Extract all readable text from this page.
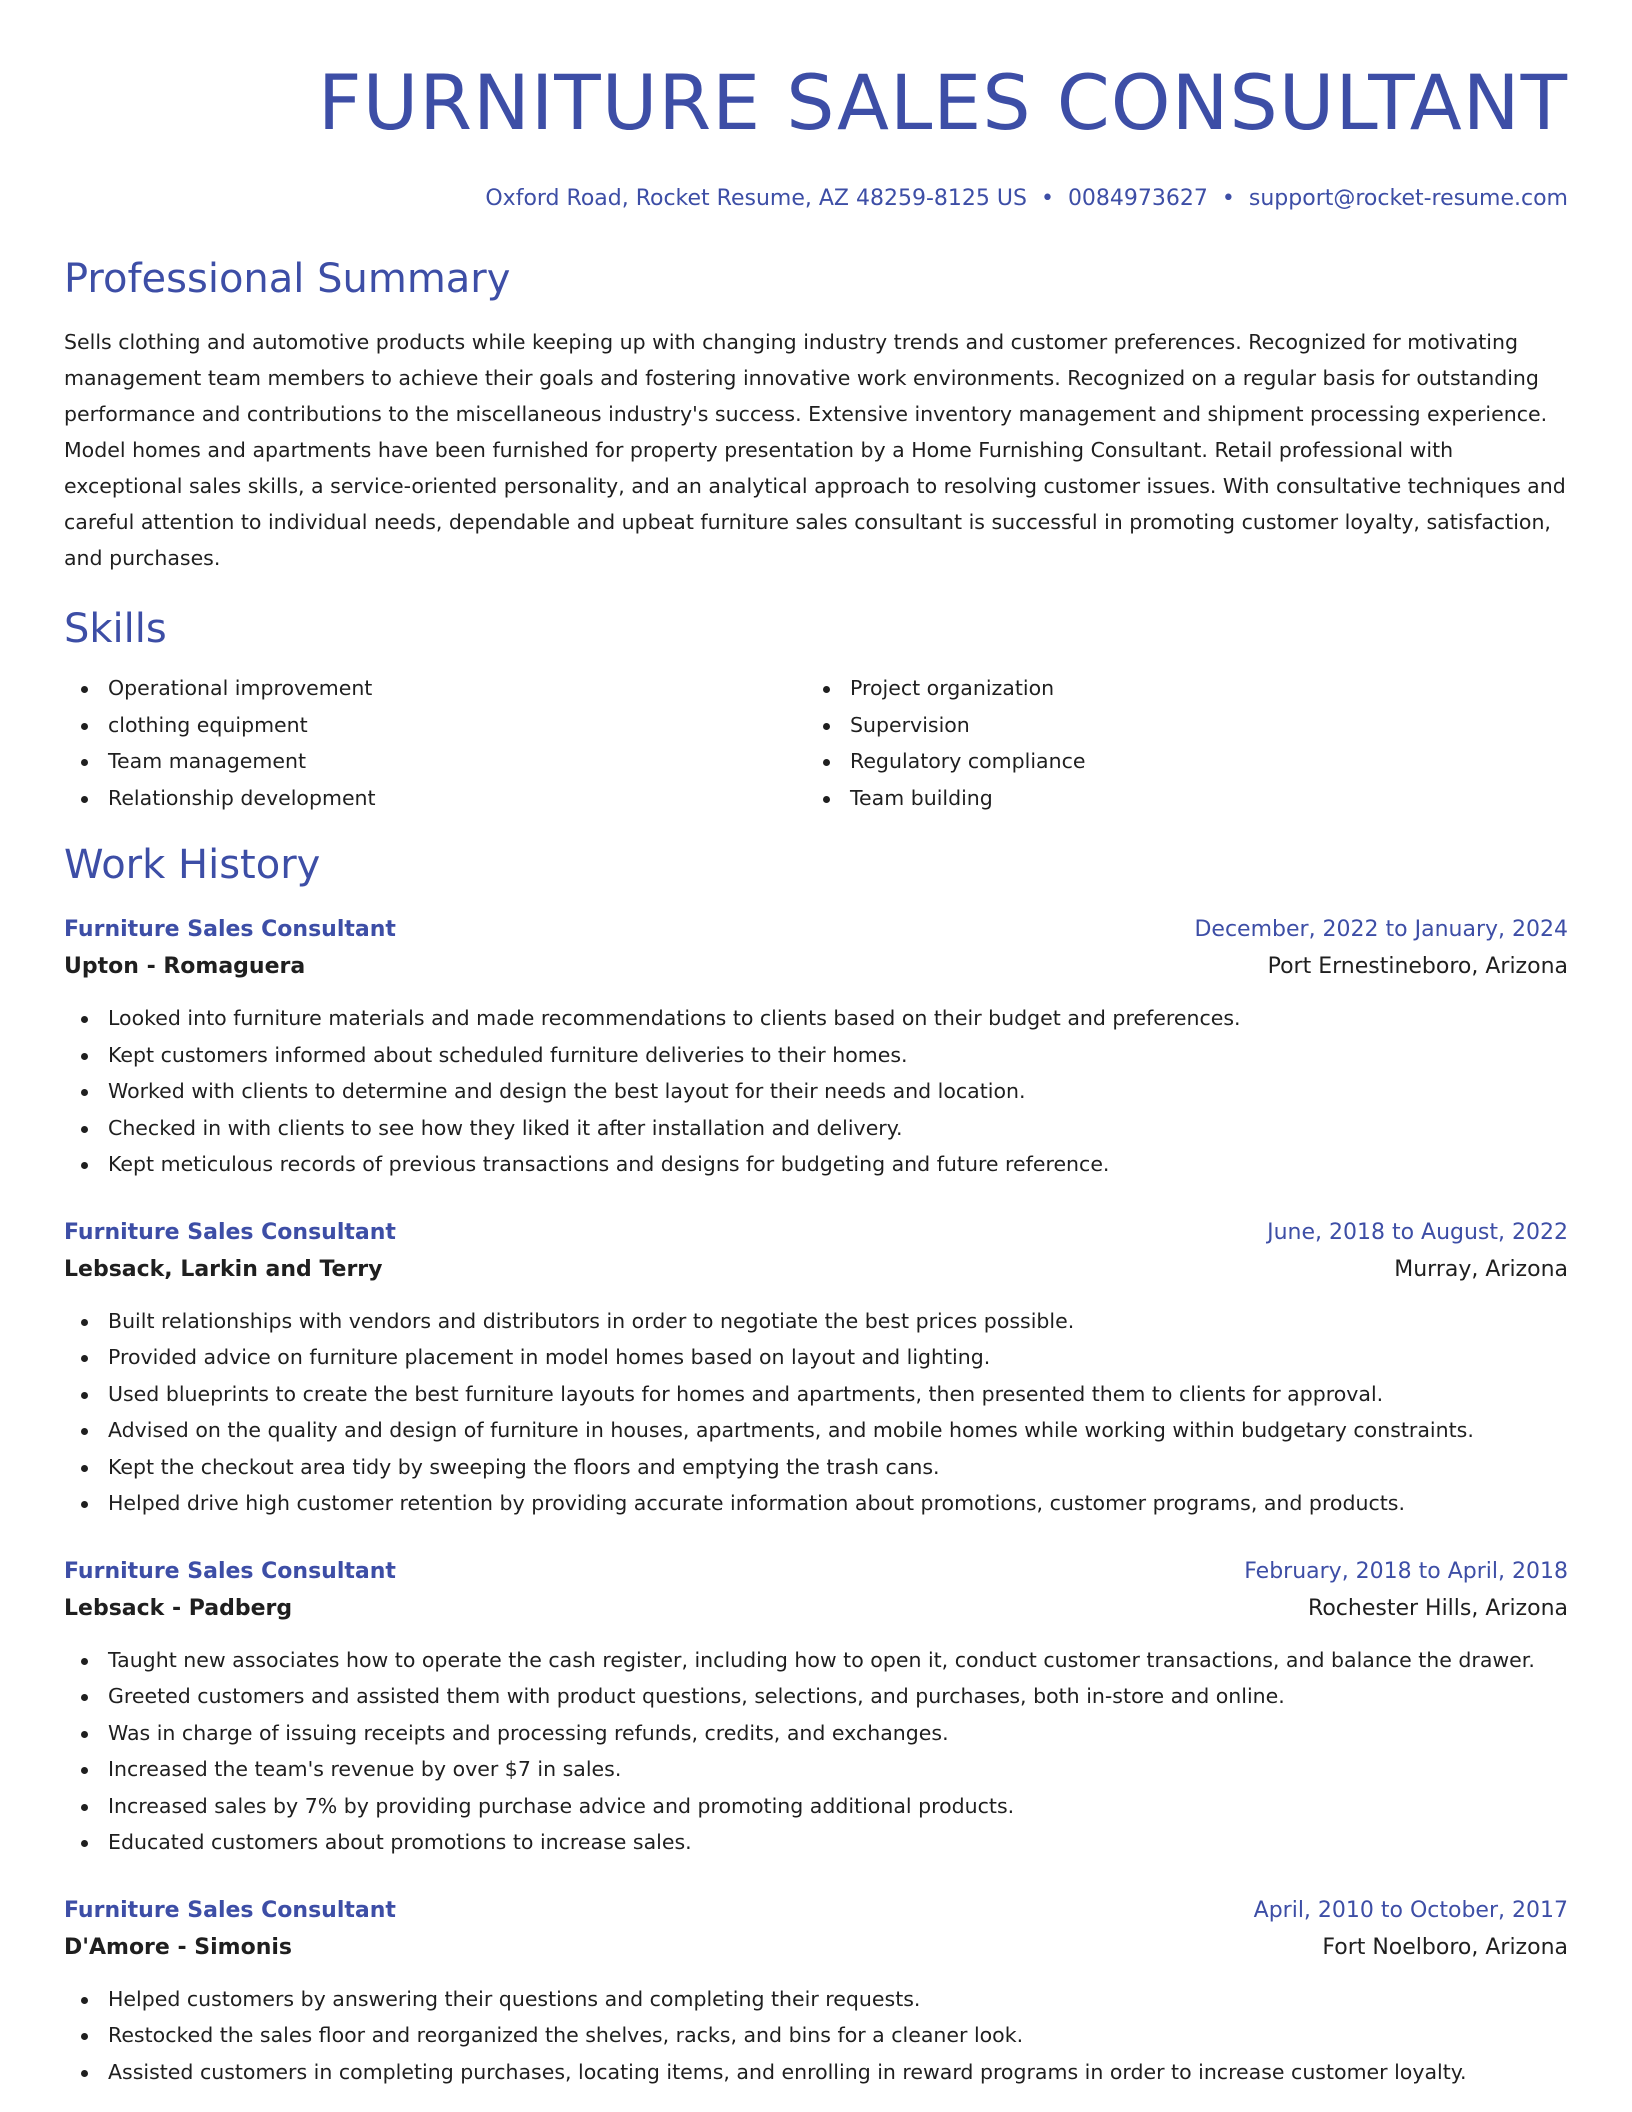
FURNITURE SALES CONSULTANT
Oxford Road, Rocket Resume, AZ 48259-8125 US • 0084973627 • support@rocket-resume.com
Professional Summary
Sells clothing and automotive products while keeping up with changing industry trends and customer preferences. Recognized for motivating management team members to achieve their goals and fostering innovative work environments. Recognized on a regular basis for outstanding performance and contributions to the miscellaneous industry's success. Extensive inventory management and shipment processing experience. Model homes and apartments have been furnished for property presentation by a Home Furnishing Consultant. Retail professional with exceptional sales skills, a service-oriented personality, and an analytical approach to resolving customer issues. With consultative techniques and careful attention to individual needs, dependable and upbeat furniture sales consultant is successful in promoting customer loyalty, satisfaction, and purchases.
Skills
Operational improvement
clothing equipment
Team management
Relationship development
Project organization
Supervision
Regulatory compliance
Team building
Work History
Furniture Sales Consultant	December, 2022 to January, 2024
Upton - Romaguera	Port Ernestineboro, Arizona
Looked into furniture materials and made recommendations to clients based on their budget and preferences.
Kept customers informed about scheduled furniture deliveries to their homes.
Worked with clients to determine and design the best layout for their needs and location.
Checked in with clients to see how they liked it after installation and delivery.
Kept meticulous records of previous transactions and designs for budgeting and future reference.
Furniture Sales Consultant	June, 2018 to August, 2022
Lebsack, Larkin and Terry	Murray, Arizona
Built relationships with vendors and distributors in order to negotiate the best prices possible.
Provided advice on furniture placement in model homes based on layout and lighting.
Used blueprints to create the best furniture layouts for homes and apartments, then presented them to clients for approval.
Advised on the quality and design of furniture in houses, apartments, and mobile homes while working within budgetary constraints.
Kept the checkout area tidy by sweeping the floors and emptying the trash cans.
Helped drive high customer retention by providing accurate information about promotions, customer programs, and products.
Furniture Sales Consultant	February, 2018 to April, 2018
Lebsack - Padberg	Rochester Hills, Arizona
Taught new associates how to operate the cash register, including how to open it, conduct customer transactions, and balance the drawer.
Greeted customers and assisted them with product questions, selections, and purchases, both in-store and online.
Was in charge of issuing receipts and processing refunds, credits, and exchanges.
Increased the team's revenue by over $7 in sales.
Increased sales by 7% by providing purchase advice and promoting additional products.
Educated customers about promotions to increase sales.
Furniture Sales Consultant	April, 2010 to October, 2017
D'Amore - Simonis	Fort Noelboro, Arizona
Helped customers by answering their questions and completing their requests.
Restocked the sales floor and reorganized the shelves, racks, and bins for a cleaner look.
Assisted customers in completing purchases, locating items, and enrolling in reward programs in order to increase customer loyalty.
